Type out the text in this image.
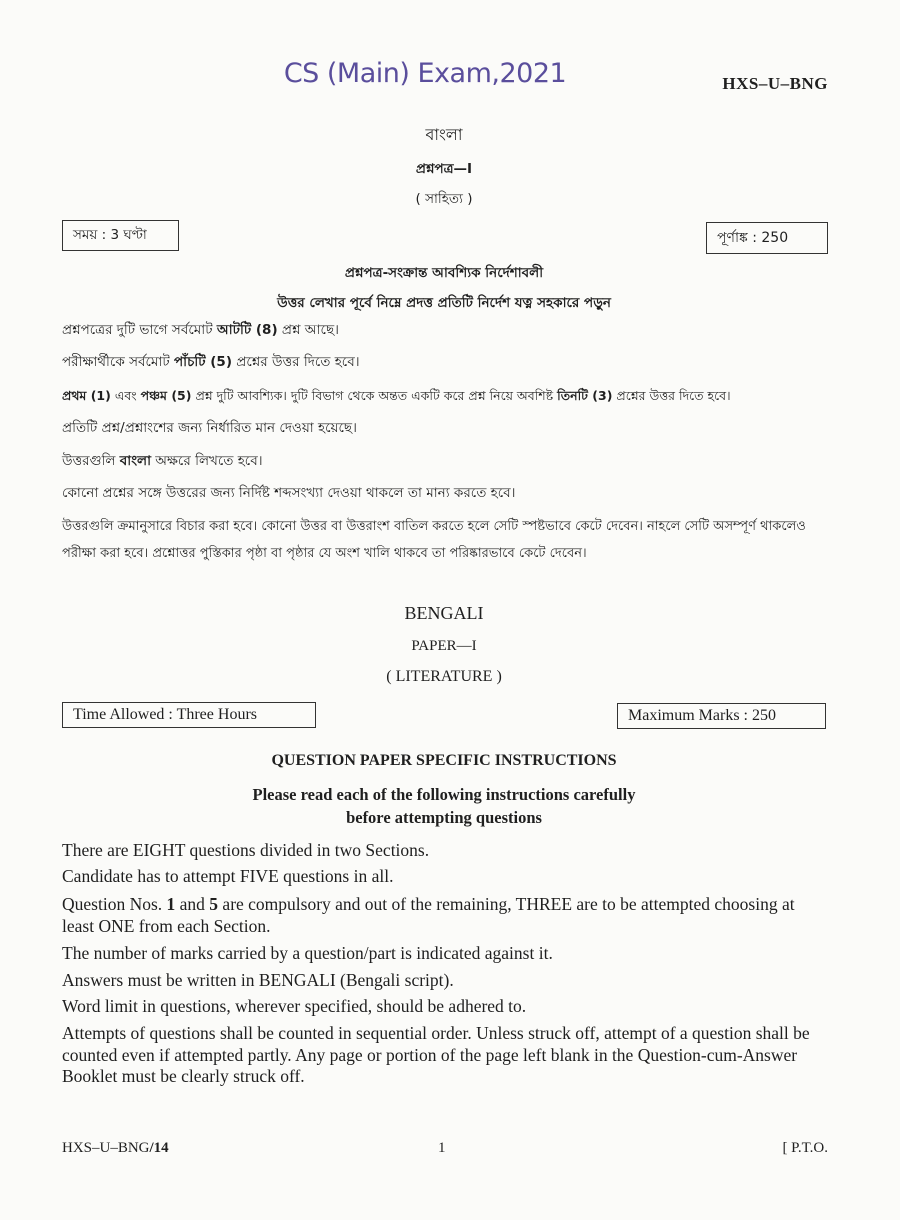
CS (Main) Exam,2021	HXS–U–BNG
বাংলা
প্রশ্নপত্র—I
( সাহিত্য )
সময় : 3 ঘণ্টা	পূর্ণাঙ্ক : 250
প্রশ্নপত্র-সংক্রান্ত আবশ্যিক নির্দেশাবলী
উত্তর লেখার পূর্বে নিম্নে প্রদত্ত প্রতিটি নির্দেশ যত্ন সহকারে পড়ুন
প্রশ্নপত্রের দুটি ভাগে সর্বমোট আটটি (8) প্রশ্ন আছে।
পরীক্ষার্থীকে সর্বমোট পাঁচটি (5) প্রশ্নের উত্তর দিতে হবে।
প্রথম (1) এবং পঞ্চম (5) প্রশ্ন দুটি আবশ্যিক। দুটি বিভাগ থেকে অন্তত একটি করে প্রশ্ন নিয়ে অবশিষ্ট তিনটি (3) প্রশ্নের উত্তর দিতে হবে।
প্রতিটি প্রশ্ন/প্রশ্নাংশের জন্য নির্ধারিত মান দেওয়া হয়েছে।
উত্তরগুলি বাংলা অক্ষরে লিখতে হবে।
কোনো প্রশ্নের সঙ্গে উত্তরের জন্য নির্দিষ্ট শব্দসংখ্যা দেওয়া থাকলে তা মান্য করতে হবে।
উত্তরগুলি ক্রমানুসারে বিচার করা হবে। কোনো উত্তর বা উত্তরাংশ বাতিল করতে হলে সেটি স্পষ্টভাবে কেটে দেবেন। নাহলে সেটি অসম্পূর্ণ থাকলেও পরীক্ষা করা হবে। প্রশ্নোত্তর পুস্তিকার পৃষ্ঠা বা পৃষ্ঠার যে অংশ খালি থাকবে তা পরিষ্কারভাবে কেটে দেবেন।
BENGALI
PAPER—I
( LITERATURE )
Time Allowed : Three Hours	Maximum Marks : 250
QUESTION PAPER SPECIFIC INSTRUCTIONS
Please read each of the following instructions carefully
before attempting questions
There are EIGHT questions divided in two Sections.
Candidate has to attempt FIVE questions in all.
Question Nos. 1 and 5 are compulsory and out of the remaining, THREE are to be attempted choosing at least ONE from each Section.
The number of marks carried by a question/part is indicated against it.
Answers must be written in BENGALI (Bengali script).
Word limit in questions, wherever specified, should be adhered to.
Attempts of questions shall be counted in sequential order. Unless struck off, attempt of a question shall be counted even if attempted partly. Any page or portion of the page left blank in the Question-cum-Answer Booklet must be clearly struck off.
HXS–U–BNG/14	1	[ P.T.O.
